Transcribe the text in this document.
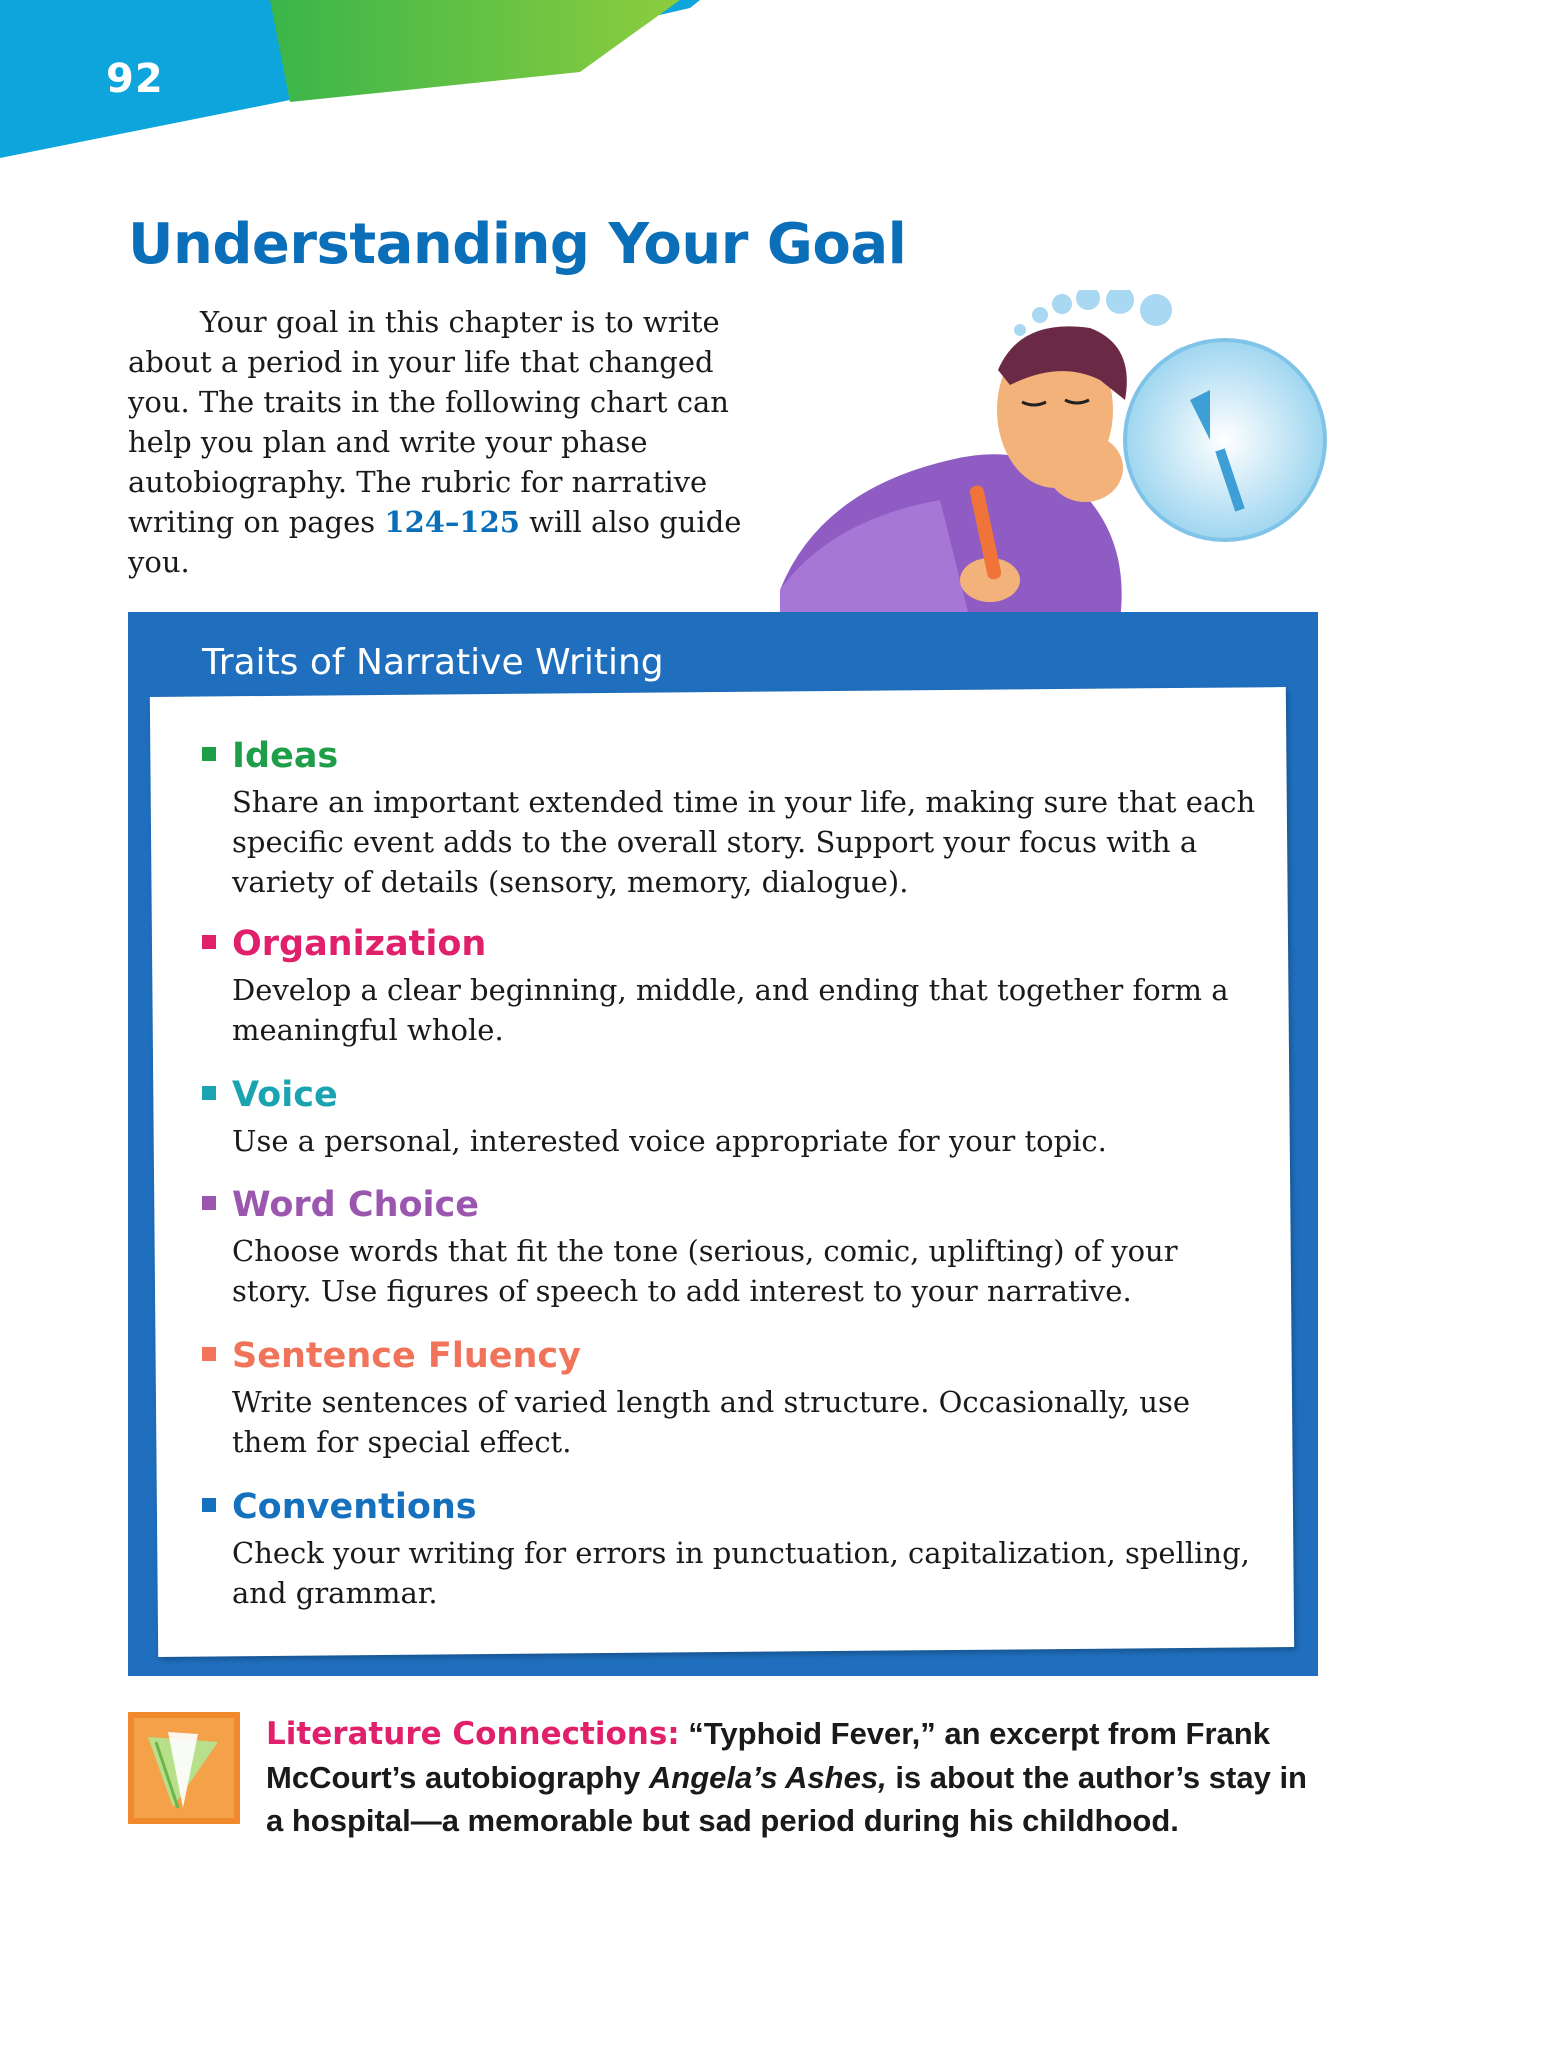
92
Understanding Your Goal

Your goal in this chapter is to write about a period in your life that changed you. The traits in the following chart can help you plan and write your phase autobiography. The rubric for narrative writing on pages 124–125 will also guide you.

Traits of Narrative Writing

Ideas

Share an important extended time in your life, making sure that each specific event adds to the overall story. Support your focus with a variety of details (sensory, memory, dialogue).

Organization

Develop a clear beginning, middle, and ending that together form a meaningful whole.

Voice

Use a personal, interested voice appropriate for your topic.

Word Choice

Choose words that fit the tone (serious, comic, uplifting) of your story. Use figures of speech to add interest to your narrative.

Sentence Fluency

Write sentences of varied length and structure. Occasionally, use them for special effect.

Conventions

Check your writing for errors in punctuation, capitalization, spelling, and grammar.

Literature Connections: “Typhoid Fever,” an excerpt from Frank McCourt’s autobiography Angela’s Ashes, is about the author’s stay in a hospital—a memorable but sad period during his childhood.
